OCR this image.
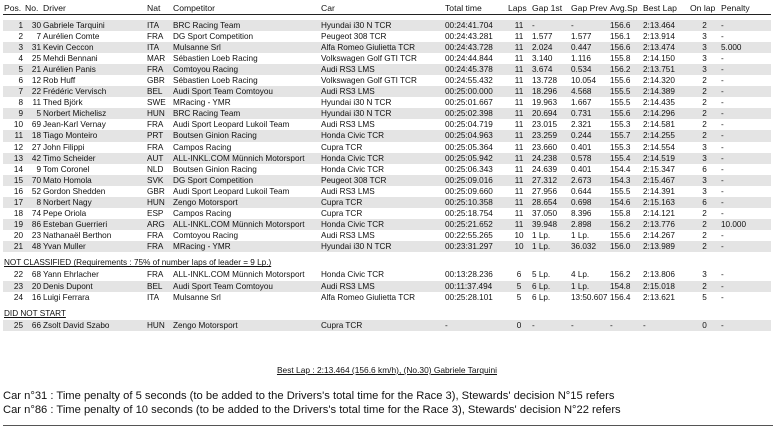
Pos.	No.	Driver	Nat	Competitor	Car	Total time	Laps	Gap 1st	Gap Prev	Avg.Sp	Best Lap	On lap	Penalty

1	30	Gabriele Tarquini	ITA	BRC Racing Team	Hyundai i30 N TCR	00:24:41.704	11	-	-	156.6	2:13.464	2	-
2	7	Aurélien Comte	FRA	DG Sport Competition	Peugeot 308 TCR	00:24:43.281	11	1.577	1.577	156.1	2:13.914	3	-
3	31	Kevin Ceccon	ITA	Mulsanne Srl	Alfa Romeo Giulietta TCR	00:24:43.728	11	2.024	0.447	156.6	2:13.474	3	5.000
4	25	Mehdi Bennani	MAR	Sébastien Loeb Racing	Volkswagen Golf GTI TCR	00:24:44.844	11	3.140	1.116	155.8	2:14.150	3	-
5	21	Aurélien Panis	FRA	Comtoyou Racing	Audi RS3 LMS	00:24:45.378	11	3.674	0.534	156.2	2:13.751	3	-
6	12	Rob Huff	GBR	Sébastien Loeb Racing	Volkswagen Golf GTI TCR	00:24:55.432	11	13.728	10.054	155.6	2:14.320	2	-
7	22	Frédéric Vervisch	BEL	Audi Sport Team Comtoyou	Audi RS3 LMS	00:25:00.000	11	18.296	4.568	155.5	2:14.389	2	-
8	11	Thed Björk	SWE	MRacing - YMR	Hyundai i30 N TCR	00:25:01.667	11	19.963	1.667	155.5	2:14.435	2	-
9	5	Norbert Michelisz	HUN	BRC Racing Team	Hyundai i30 N TCR	00:25:02.398	11	20.694	0.731	155.6	2:14.296	2	-
10	69	Jean-Karl Vernay	FRA	Audi Sport Leopard Lukoil Team	Audi RS3 LMS	00:25:04.719	11	23.015	2.321	155.3	2:14.581	2	-
11	18	Tiago Monteiro	PRT	Boutsen Ginion Racing	Honda Civic TCR	00:25:04.963	11	23.259	0.244	155.7	2:14.255	2	-
12	27	John Filippi	FRA	Campos Racing	Cupra TCR	00:25:05.364	11	23.660	0.401	155.3	2:14.554	3	-
13	42	Timo Scheider	AUT	ALL-INKL.COM Münnich Motorsport	Honda Civic TCR	00:25:05.942	11	24.238	0.578	155.4	2:14.519	3	-
14	9	Tom Coronel	NLD	Boutsen Ginion Racing	Honda Civic TCR	00:25:06.343	11	24.639	0.401	154.4	2:15.347	6	-
15	70	Mato Homola	SVK	DG Sport Competition	Peugeot 308 TCR	00:25:09.016	11	27.312	2.673	154.3	2:15.467	3	-
16	52	Gordon Shedden	GBR	Audi Sport Leopard Lukoil Team	Audi RS3 LMS	00:25:09.660	11	27.956	0.644	155.5	2:14.391	3	-
17	8	Norbert Nagy	HUN	Zengo Motorsport	Cupra TCR	00:25:10.358	11	28.654	0.698	154.6	2:15.163	6	-
18	74	Pepe Oriola	ESP	Campos Racing	Cupra TCR	00:25:18.754	11	37.050	8.396	155.8	2:14.121	2	-
19	86	Esteban Guerrieri	ARG	ALL-INKL.COM Münnich Motorsport	Honda Civic TCR	00:25:21.652	11	39.948	2.898	156.2	2:13.776	2	10.000
20	23	Nathanaël Berthon	FRA	Comtoyou Racing	Audi RS3 LMS	00:22:55.265	10	1 Lp.	1 Lp.	155.6	2:14.267	2	-
21	48	Yvan Muller	FRA	MRacing - YMR	Hyundai i30 N TCR	00:23:31.297	10	1 Lp.	36.032	156.0	2:13.989	2	-

NOT CLASSIFIED (Requirements : 75% of number laps of leader = 9 Lp.)													
22	68	Yann Ehrlacher	FRA	ALL-INKL.COM Münnich Motorsport	Honda Civic TCR	00:13:28.236	6	5 Lp.	4 Lp.	156.2	2:13.806	3	-
23	20	Denis Dupont	BEL	Audi Sport Team Comtoyou	Audi RS3 LMS	00:11:37.494	5	6 Lp.	1 Lp.	154.8	2:15.018	2	-
24	16	Luigi Ferrara	ITA	Mulsanne Srl	Alfa Romeo Giulietta TCR	00:25:28.101	5	6 Lp.	13:50.607	156.4	2:13.621	5	-

DID NOT START													
25	66	Zsolt David Szabo	HUN	Zengo Motorsport	Cupra TCR	-	0	-	-	-	-	0	-
Best Lap : 2:13.464 (156.6 km/h), (No.30) Gabriele Tarquini
Car n°31 : Time penalty of 5 seconds (to be added to the Drivers's total time for the Race 3), Stewards' decision N°15 refers
Car n°86 : Time penalty of 10 seconds (to be added to the Drivers's total time for the Race 3), Stewards' decision N°22 refers
